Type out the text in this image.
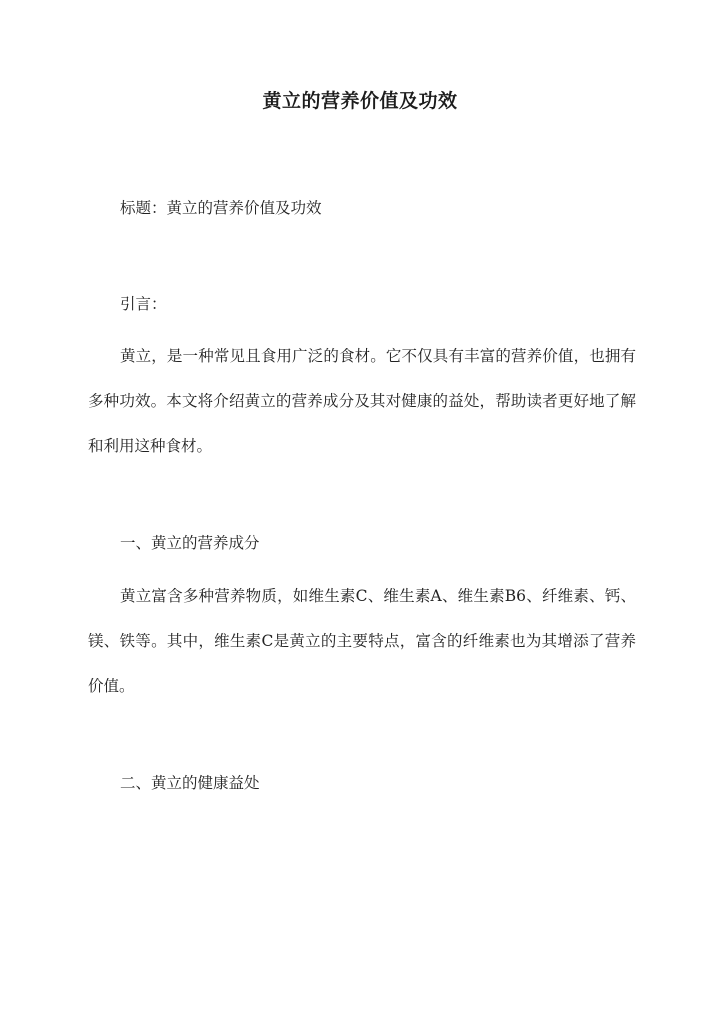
黄立的营养价值及功效
标题：黄立的营养价值及功效
引言：

黄立，是一种常见且食用广泛的食材。它不仅具有丰富的营养价值，也拥有多种功效。本文将介绍黄立的营养成分及其对健康的益处，帮助读者更好地了解和利用这种食材。

一、黄立的营养成分

黄立富含多种营养物质，如维生素C、维生素A、维生素B6、纤维素、钙、镁、铁等。其中，维生素C是黄立的主要特点，富含的纤维素也为其增添了营养价值。

二、黄立的健康益处
